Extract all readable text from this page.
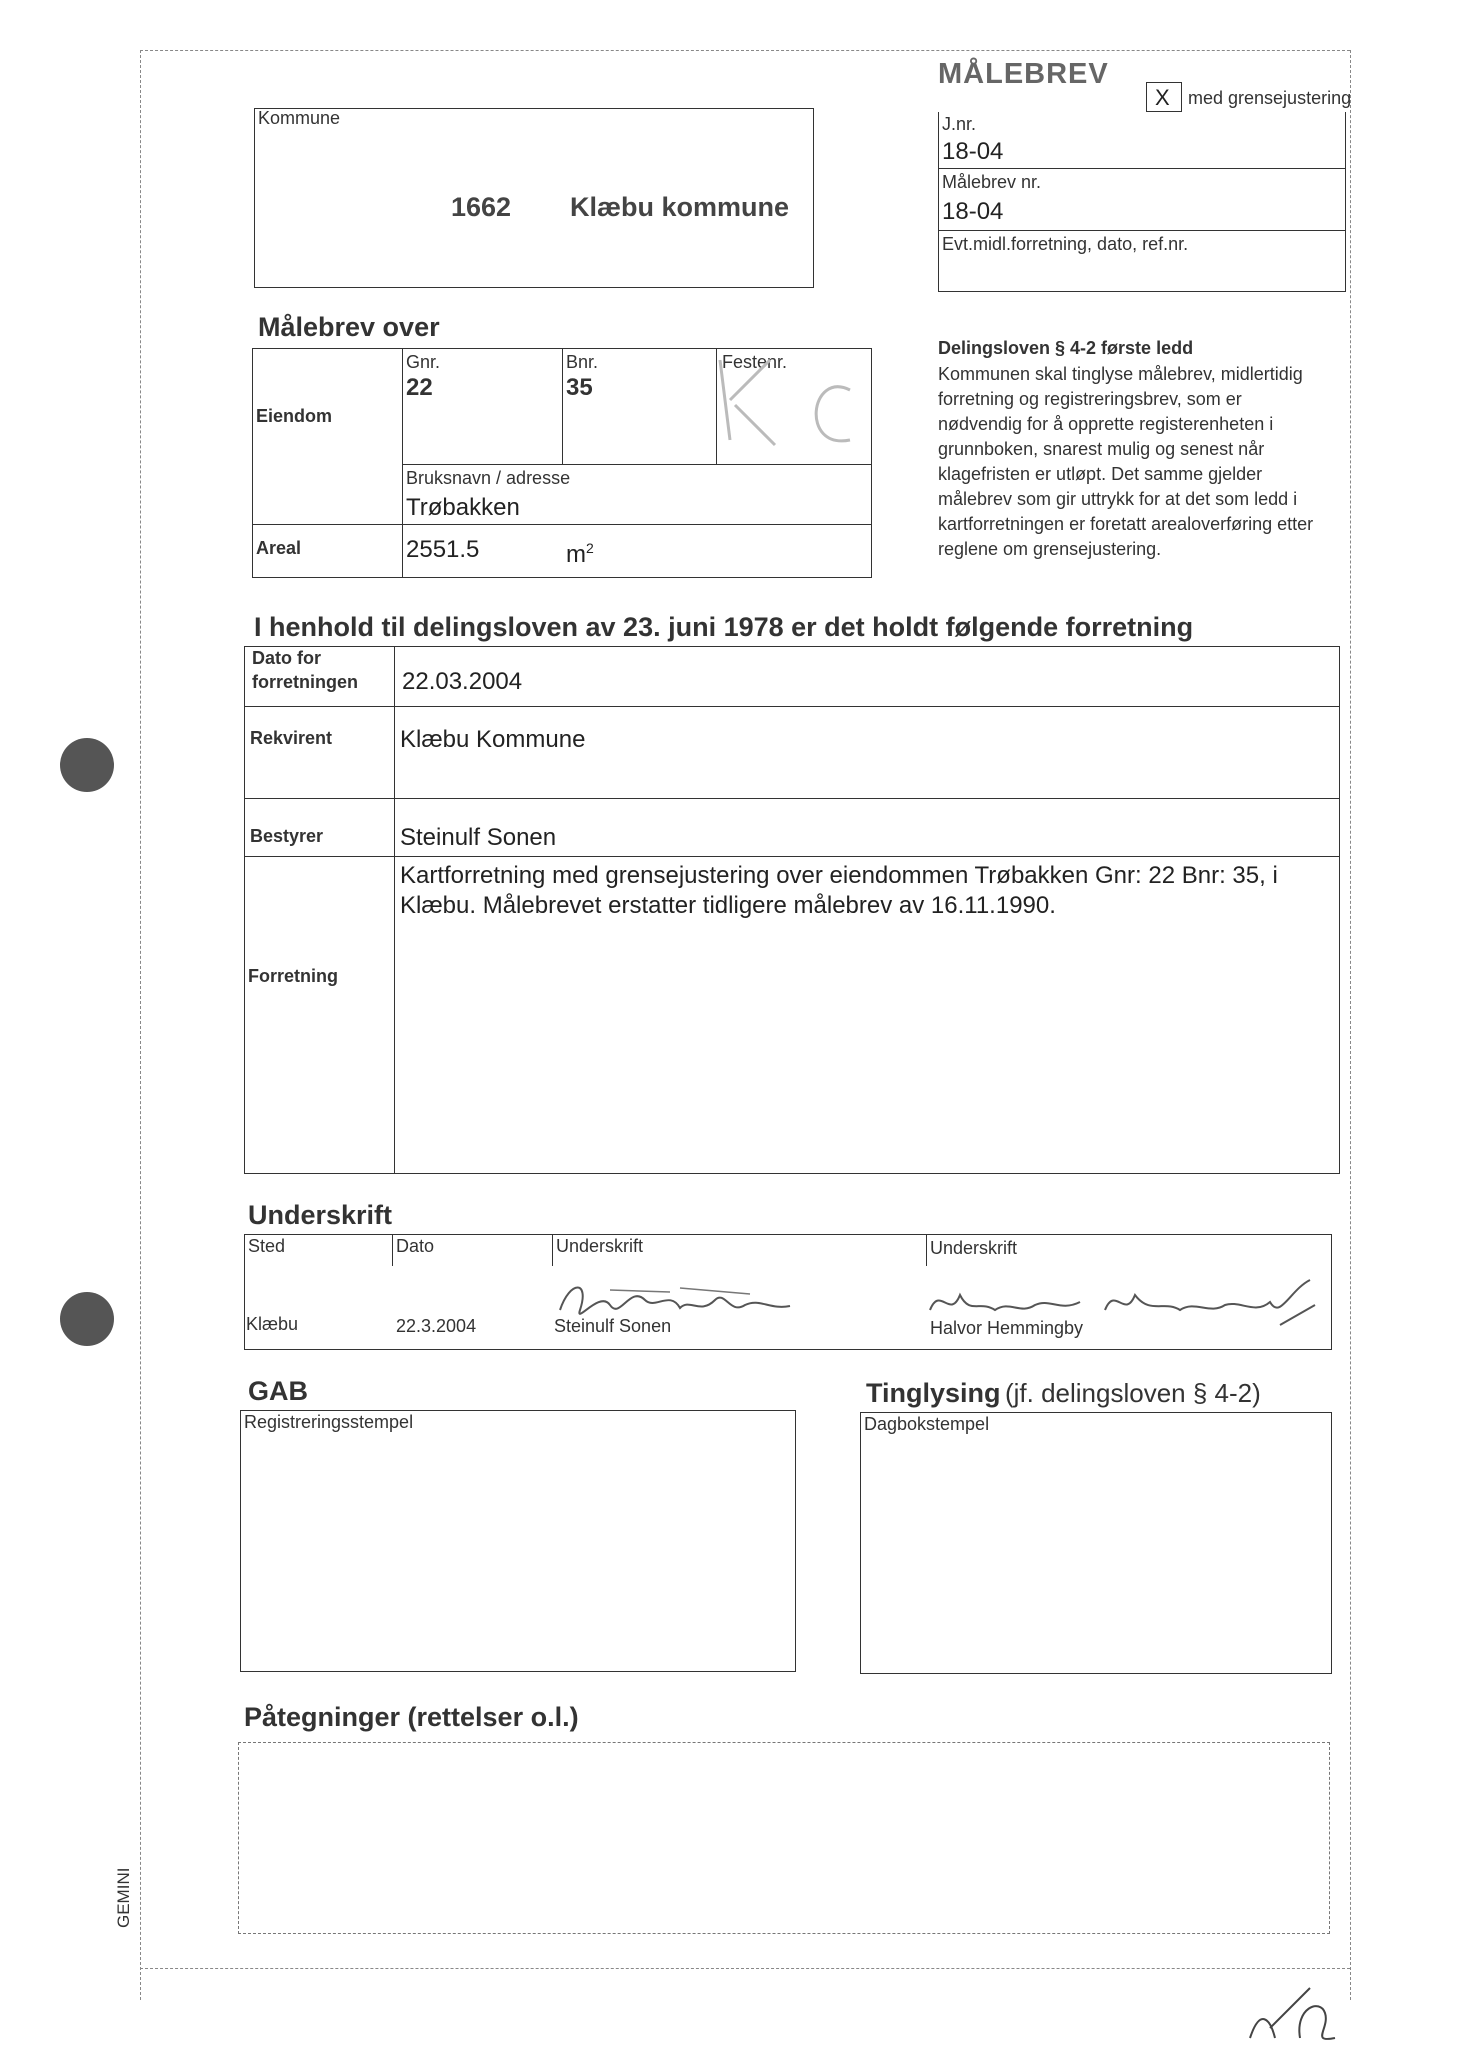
GEMINI
MÅLEBREV
X med grensejustering
J.nr.
18-04
Målebrev nr.
18-04
Evt.midl.forretning, dato, ref.nr.
Kommune
1662 Klæbu kommune
Målebrev over
Eiendom
Gnr.
22
Bnr.
35
Festenr.
Bruksnavn / adresse
Trøbakken
Areal	2551.5	$m^2$
Delingsloven § 4-2 første ledd
Kommunen skal tinglyse målebrev, midlertidig
forretning og registreringsbrev, som er
nødvendig for å opprette registerenheten i
grunnboken, snarest mulig og senest når
klagefristen er utløpt. Det samme gjelder
målebrev som gir uttrykk for at det som ledd i
kartforretningen er foretatt arealoverføring etter
reglene om grensejustering.
I henhold til delingsloven av 23. juni 1978 er det holdt følgende forretning
Dato for
forretningen 22.03.2004
Rekvirent	Klæbu Kommune
Bestyrer	Steinulf Sonen
Forretning
Kartforretning med grensejustering over eiendommen Trøbakken Gnr: 22 Bnr: 35, i
Klæbu. Målebrevet erstatter tidligere målebrev av 16.11.1990.
Underskrift
Sted	Dato	Underskrift	Underskrift
Klæbu	22.3.2004	Steinulf Sonen	Halvor Hemmingby
GAB
Registreringsstempel
Tinglysing (jf. delingsloven § 4-2)
Dagbokstempel
Påtegninger (rettelser o.l.)
